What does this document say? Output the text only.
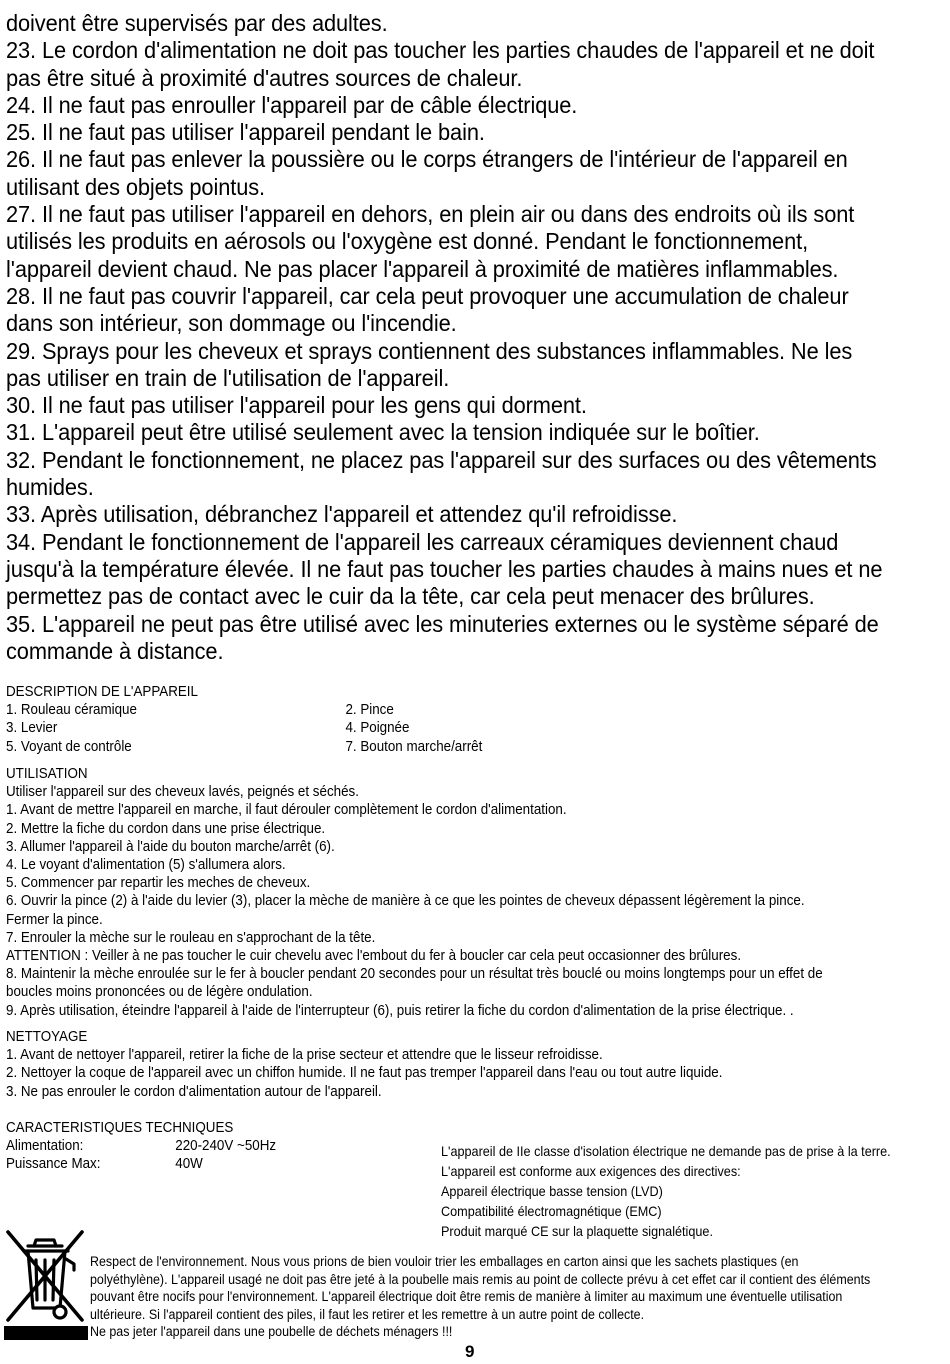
doivent être supervisés par des adultes.

23. Le cordon d'alimentation ne doit pas toucher les parties chaudes de l'appareil et ne doit

pas être situé à proximité d'autres sources de chaleur.

24. Il ne faut pas enrouller l'appareil par de câble électrique.

25. Il ne faut pas utiliser l'appareil pendant le bain.

26. Il ne faut pas enlever la poussière ou le corps étrangers de l'intérieur de l'appareil en

utilisant des objets pointus.

27. Il ne faut pas utiliser l'appareil en dehors, en plein air ou dans des endroits où ils sont

utilisés les produits en aérosols ou l'oxygène est donné. Pendant le fonctionnement,

l'appareil devient chaud. Ne pas placer l'appareil à proximité de matières inflammables.

28. Il ne faut pas couvrir l'appareil, car cela peut provoquer une accumulation de chaleur

dans son intérieur, son dommage ou l'incendie.

29. Sprays pour les cheveux et sprays contiennent des substances inflammables. Ne les

pas utiliser en train de l'utilisation de l'appareil.

30. Il ne faut pas utiliser l'appareil pour les gens qui dorment.

31. L'appareil peut être utilisé seulement avec la tension indiquée sur le boîtier.

32. Pendant le fonctionnement, ne placez pas l'appareil sur des surfaces ou des vêtements

humides.

33. Après utilisation, débranchez l'appareil et attendez qu'il refroidisse.

34. Pendant le fonctionnement de l'appareil les carreaux céramiques deviennent chaud

jusqu'à la température élevée. Il ne faut pas toucher les parties chaudes à mains nues et ne

permettez pas de contact avec le cuir da la tête, car cela peut menacer des brûlures.

35. L'appareil ne peut pas être utilisé avec les minuteries externes ou le système séparé de

commande à distance.

DESCRIPTION DE L'APPAREIL

1. Rouleau céramique	2. Pince
3. Levier	4. Poignée
5. Voyant de contrôle	7. Bouton marche/arrêt

UTILISATION

Utiliser l'appareil sur des cheveux lavés, peignés et séchés.

1. Avant de mettre l'appareil en marche, il faut dérouler complètement le cordon d'alimentation.

2. Mettre la fiche du cordon dans une prise électrique.

3. Allumer l'appareil à l'aide du bouton marche/arrêt (6).

4. Le voyant d'alimentation (5) s'allumera alors.

5. Commencer par repartir les meches de cheveux.

6. Ouvrir la pince (2) à l'aide du levier (3), placer la mèche de manière à ce que les pointes de cheveux dépassent légèrement la pince.

Fermer la pince.

7. Enrouler la mèche sur le rouleau en s'approchant de la tête.

ATTENTION : Veiller à ne pas toucher le cuir chevelu avec l'embout du fer à boucler car cela peut occasionner des brûlures.

8. Maintenir la mèche enroulée sur le fer à boucler pendant 20 secondes pour un résultat très bouclé ou moins longtemps pour un effet de

boucles moins prononcées ou de légère ondulation.

9. Après utilisation, éteindre l'appareil à l'aide de l'interrupteur (6), puis retirer la fiche du cordon d'alimentation de la prise électrique. .

NETTOYAGE

1. Avant de nettoyer l'appareil, retirer la fiche de la prise secteur et attendre que le lisseur refroidisse.

2. Nettoyer la coque de l'appareil avec un chiffon humide. Il ne faut pas tremper l'appareil dans l'eau ou tout autre liquide.

3. Ne pas enrouler le cordon d'alimentation autour de l'appareil.

CARACTERISTIQUES TECHNIQUES

Alimentation:	220-240V ~50Hz
Puissance Max:	40W

L'appareil de IIe classe d'isolation électrique ne demande pas de prise à la terre.

L'appareil est conforme aux exigences des directives:

Appareil électrique basse tension (LVD)

Compatibilité électromagnétique (EMC)

Produit marqué CE sur la plaquette signalétique.

Respect de l'environnement. Nous vous prions de bien vouloir trier les emballages en carton ainsi que les sachets plastiques (en

polyéthylène). L'appareil usagé ne doit pas être jeté à la poubelle mais remis au point de collecte prévu à cet effet car il contient des éléments

pouvant être nocifs pour l'environnement. L'appareil électrique doit être remis de manière à limiter au maximum une éventuelle utilisation

ultérieure. Si l'appareil contient des piles, il faut les retirer et les remettre à un autre point de collecte.

Ne pas jeter l'appareil dans une poubelle de déchets ménagers !!!

9
